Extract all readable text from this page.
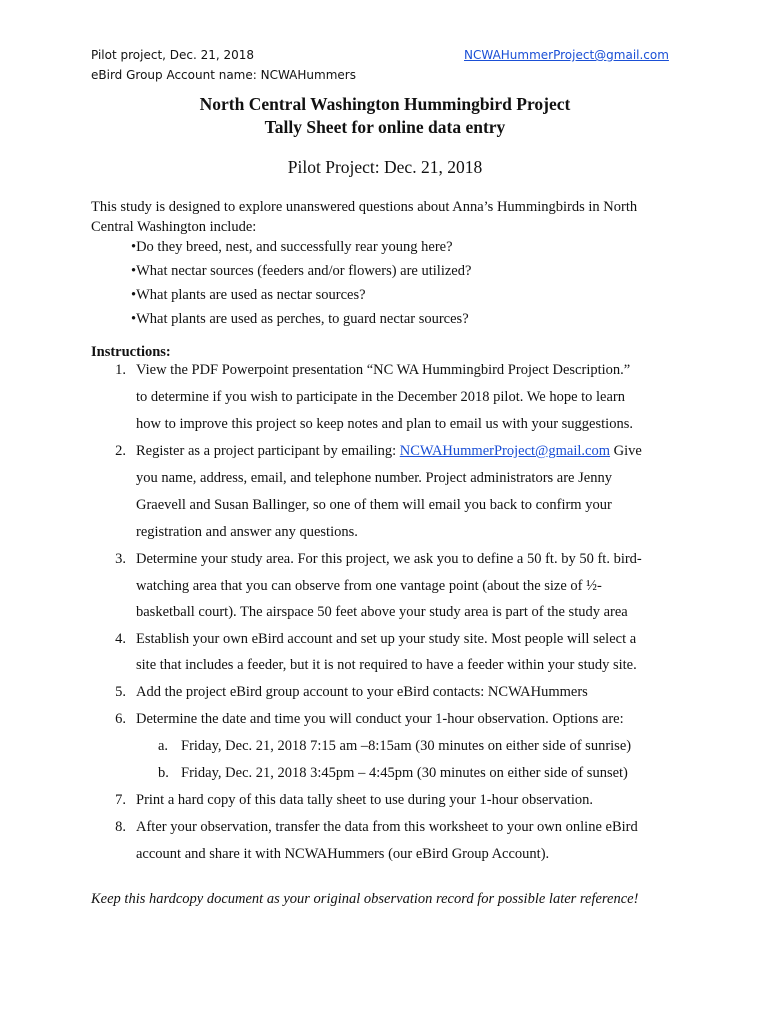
Pilot project, Dec. 21, 2018
eBird Group Account name: NCWAHummers
NCWAHummerProject@gmail.com
North Central Washington Hummingbird Project
Tally Sheet for online data entry
Pilot Project: Dec. 21, 2018
This study is designed to explore unanswered questions about Anna’s Hummingbirds in North
Central Washington include:
•Do they breed, nest, and successfully rear young here?
•What nectar sources (feeders and/or flowers) are utilized?
•What plants are used as nectar sources?
•What plants are used as perches, to guard nectar sources?
Instructions:
1. View the PDF Powerpoint presentation “NC WA Hummingbird Project Description.”
to determine if you wish to participate in the December 2018 pilot. We hope to learn
how to improve this project so keep notes and plan to email us with your suggestions.
2. Register as a project participant by emailing: NCWAHummerProject@gmail.com Give
you name, address, email, and telephone number. Project administrators are Jenny
Graevell and Susan Ballinger, so one of them will email you back to confirm your
registration and answer any questions.
3. Determine your study area. For this project, we ask you to define a 50 ft. by 50 ft. bird-
watching area that you can observe from one vantage point (about the size of ½-
basketball court). The airspace 50 feet above your study area is part of the study area
4. Establish your own eBird account and set up your study site. Most people will select a
site that includes a feeder, but it is not required to have a feeder within your study site.
5. Add the project eBird group account to your eBird contacts: NCWAHummers
6. Determine the date and time you will conduct your 1-hour observation. Options are:
a. Friday, Dec. 21, 2018 7:15 am –8:15am (30 minutes on either side of sunrise)
b. Friday, Dec. 21, 2018 3:45pm – 4:45pm (30 minutes on either side of sunset)
7. Print a hard copy of this data tally sheet to use during your 1-hour observation.
8. After your observation, transfer the data from this worksheet to your own online eBird
account and share it with NCWAHummers (our eBird Group Account).
Keep this hardcopy document as your original observation record for possible later reference!
